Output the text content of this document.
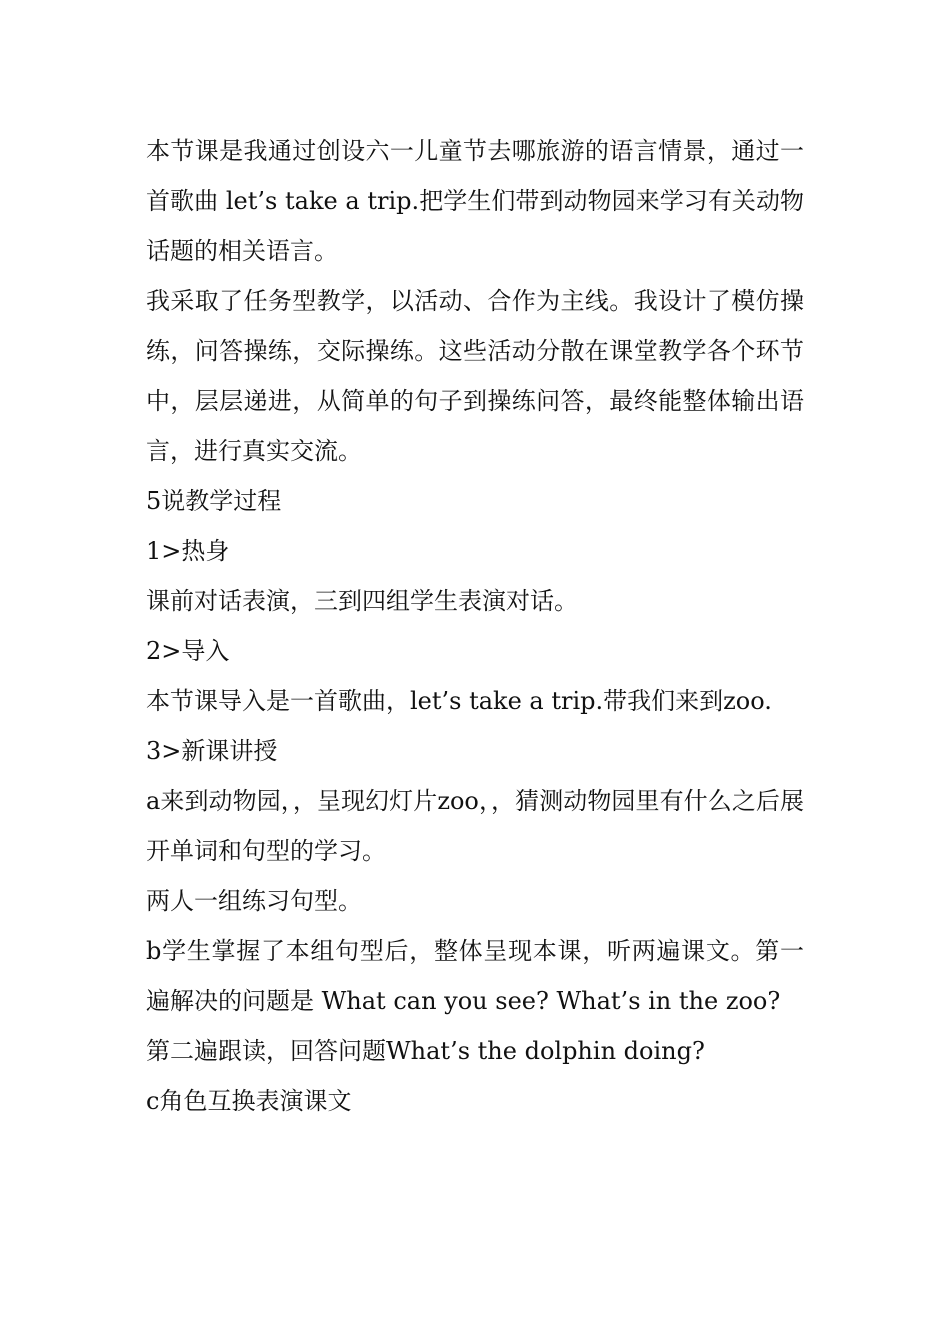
本节课是我通过创设六一儿童节去哪旅游的语言情景，通过一首歌曲 let’s take a trip.把学生们带到动物园来学习有关动物话题的相关语言。

我采取了任务型教学，以活动、合作为主线。我设计了模仿操练，问答操练，交际操练。这些活动分散在课堂教学各个环节中，层层递进，从简单的句子到操练问答，最终能整体输出语言，进行真实交流。

5说教学过程

1>热身

课前对话表演，三到四组学生表演对话。

2>导入

本节课导入是一首歌曲，let’s take a trip.带我们来到zoo.

3>新课讲授

a来到动物园，，呈现幻灯片zoo，，猜测动物园里有什么之后展开单词和句型的学习。

两人一组练习句型。

b学生掌握了本组句型后，整体呈现本课，听两遍课文。第一遍解决的问题是 What can you see? What’s in the zoo?

第二遍跟读，回答问题What’s the dolphin doing?

c角色互换表演课文
